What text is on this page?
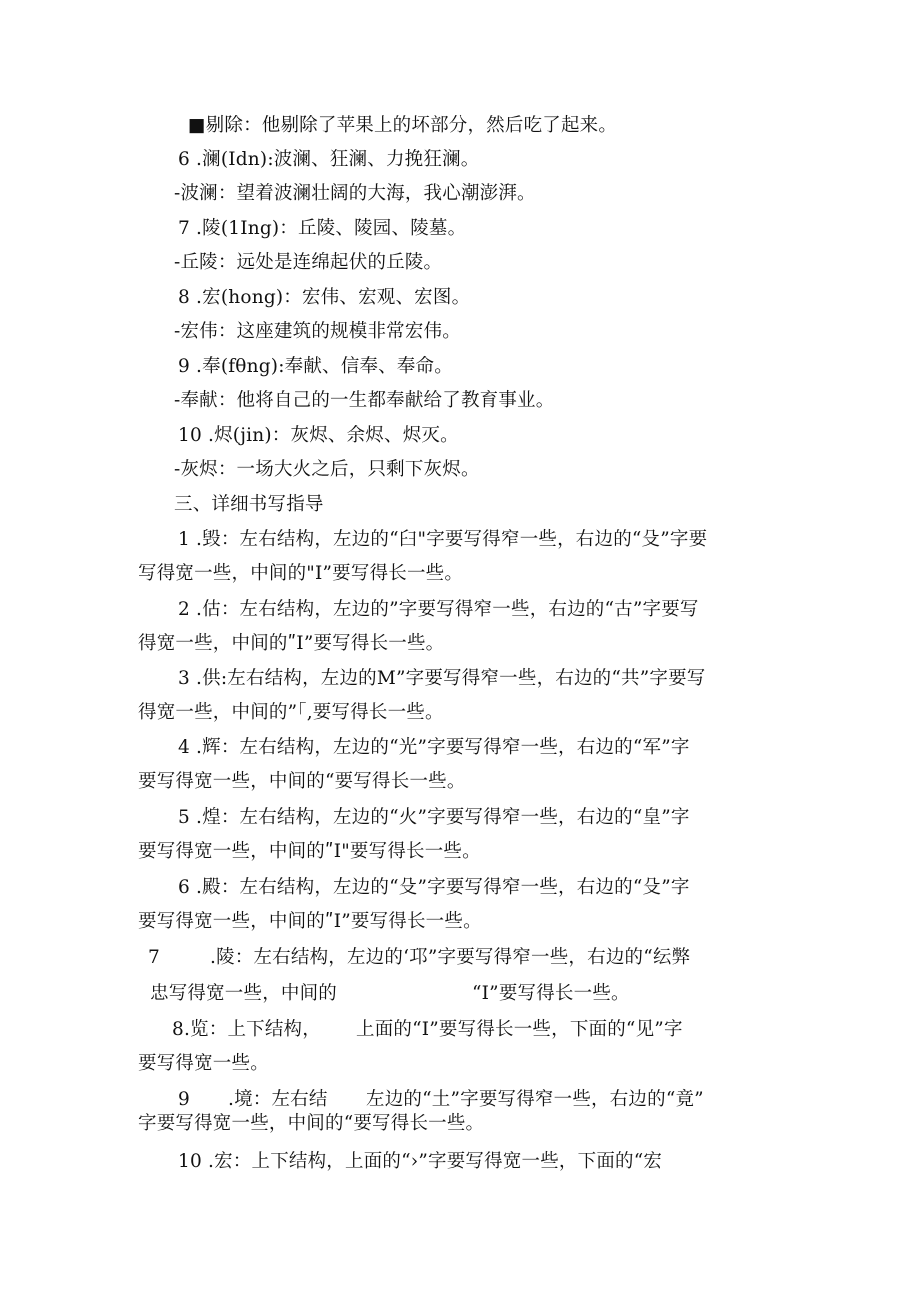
■剔除：他剔除了苹果上的坏部分，然后吃了起来。
6 .澜(Idn):波澜、狂澜、力挽狂澜。
-波澜：望着波澜壮阔的大海，我心潮澎湃。
7 .陵(1Ing)：丘陵、陵园、陵墓。
-丘陵：远处是连绵起伏的丘陵。
8 .宏(hong)：宏伟、宏观、宏图。
-宏伟：这座建筑的规模非常宏伟。
9 .奉(fθng):奉献、信奉、奉命。
-奉献：他将自己的一生都奉献给了教育事业。
10 .烬(jin)：灰烬、余烬、烬灭。
-灰烬：一场大火之后，只剩下灰烬。
三、详细书写指导
1 .毁：左右结构，左边的“臼"字要写得窄一些，右边的“殳”字要
写得宽一些，中间的"I”要写得长一些。
2 .估：左右结构，左边的”字要写得窄一些，右边的“古”字要写
得宽一些，中间的ʺI”要写得长一些。
3 .供:左右结构，左边的M”字要写得窄一些，右边的“共”字要写
得宽一些，中间的”「,要写得长一些。
4 .辉：左右结构，左边的“光”字要写得窄一些，右边的“军”字
要写得宽一些，中间的“要写得长一些。
5 .煌：左右结构，左边的“火”字要写得窄一些，右边的“皇”字
要写得宽一些，中间的ʺI"要写得长一些。
6 .殿：左右结构，左边的“殳”字要写得窄一些，右边的“殳”字
要写得宽一些，中间的ʺI”要写得长一些。
7	.陵：左右结构，左边的‘邛”字要写得窄一些，右边的“纭弊
忠写得宽一些，中间的	“I”要写得长一些。
8.览：上下结构， 上面的“I”要写得长一些，下面的“见”字
要写得宽一些。
9 .境：左右结 左边的“土”字要写得窄一些，右边的“竟”
字要写得宽一些，中间的“要写得长一些。
10 .宏：上下结构，上面的“›”字要写得宽一些，下面的“宏
